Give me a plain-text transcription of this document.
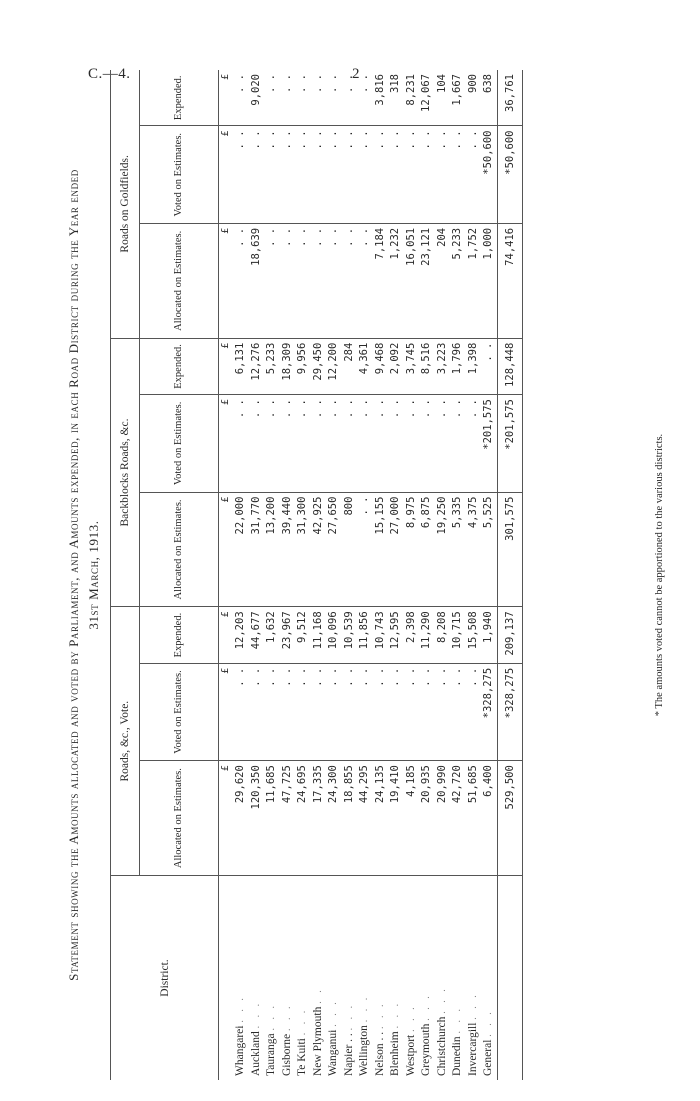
C.—4.	2
Statement showing the Amounts allocated and voted by Parliament, and Amounts expended, in each Road District during the Year ended 31st March, 1913.
District.	Roads, &c., Vote.			Backblocks Roads, &c.			Roads on Goldfields.		
	Allocated on Estimates.	Voted on Estimates.	Expended.	Allocated on Estimates.	Voted on Estimates.	Expended.	Allocated on Estimates.	Voted on Estimates.	Expended.
	£	£	£	£	£	£	£	£	£
Whangarei . . .	29,620	. .	12,203	22,000	. .	6,131	. .	. .	. .
Auckland . . .	120,350	. .	44,677	31,770	. .	12,276	18,639	. .	9,020
Tauranga . . .	11,685	. .	1,632	13,200	. .	5,233	. .	. .	. .
Gisborne . . .	47,725	. .	23,967	39,440	. .	18,309	. .	. .	. .
Te Kuiti . . .	24,695	. .	9,512	31,300	. .	9,956	. .	. .	. .
New Plymouth . .	17,335	. .	11,168	42,925	. .	29,450	. .	. .	. .
Wanganui . . .	24,300	. .	10,096	27,650	. .	12,200	. .	. .	. .
Napier . . . . .	18,855	. .	10,539	800	. .	284	. .	. .	. .
Wellington . . .	44,295	. .	11,856	. .	. .	4,361	. .	. .	. .
Nelson . . . . .	24,135	. .	10,743	15,155	. .	9,468	7,184	. .	3,816
Blenheim . . .	19,410	. .	12,595	27,000	. .	2,092	1,232	. .	318
Westport . . .	4,185	. .	2,398	8,975	. .	3,745	16,051	. .	8,231
Greymouth . . .	20,935	. .	11,290	6,875	. .	8,516	23,121	. .	12,067
Christchurch . . .	20,990	. .	8,208	19,250	. .	3,223	204	. .	104
Dunedin . . .	42,720	. .	10,715	5,335	. .	1,796	5,233	. .	1,667
Invercargill . . .	51,685	. .	15,508	4,375	. .	1,398	1,752	. .	900
General . . .	6,400	*328,275	1,940	5,525	*201,575	. .	1,000	*50,600	638
	529,500	*328,275	209,137	301,575	*201,575	128,448	74,416	*50,600	36,761
* The amounts voted cannot be apportioned to the various districts.
